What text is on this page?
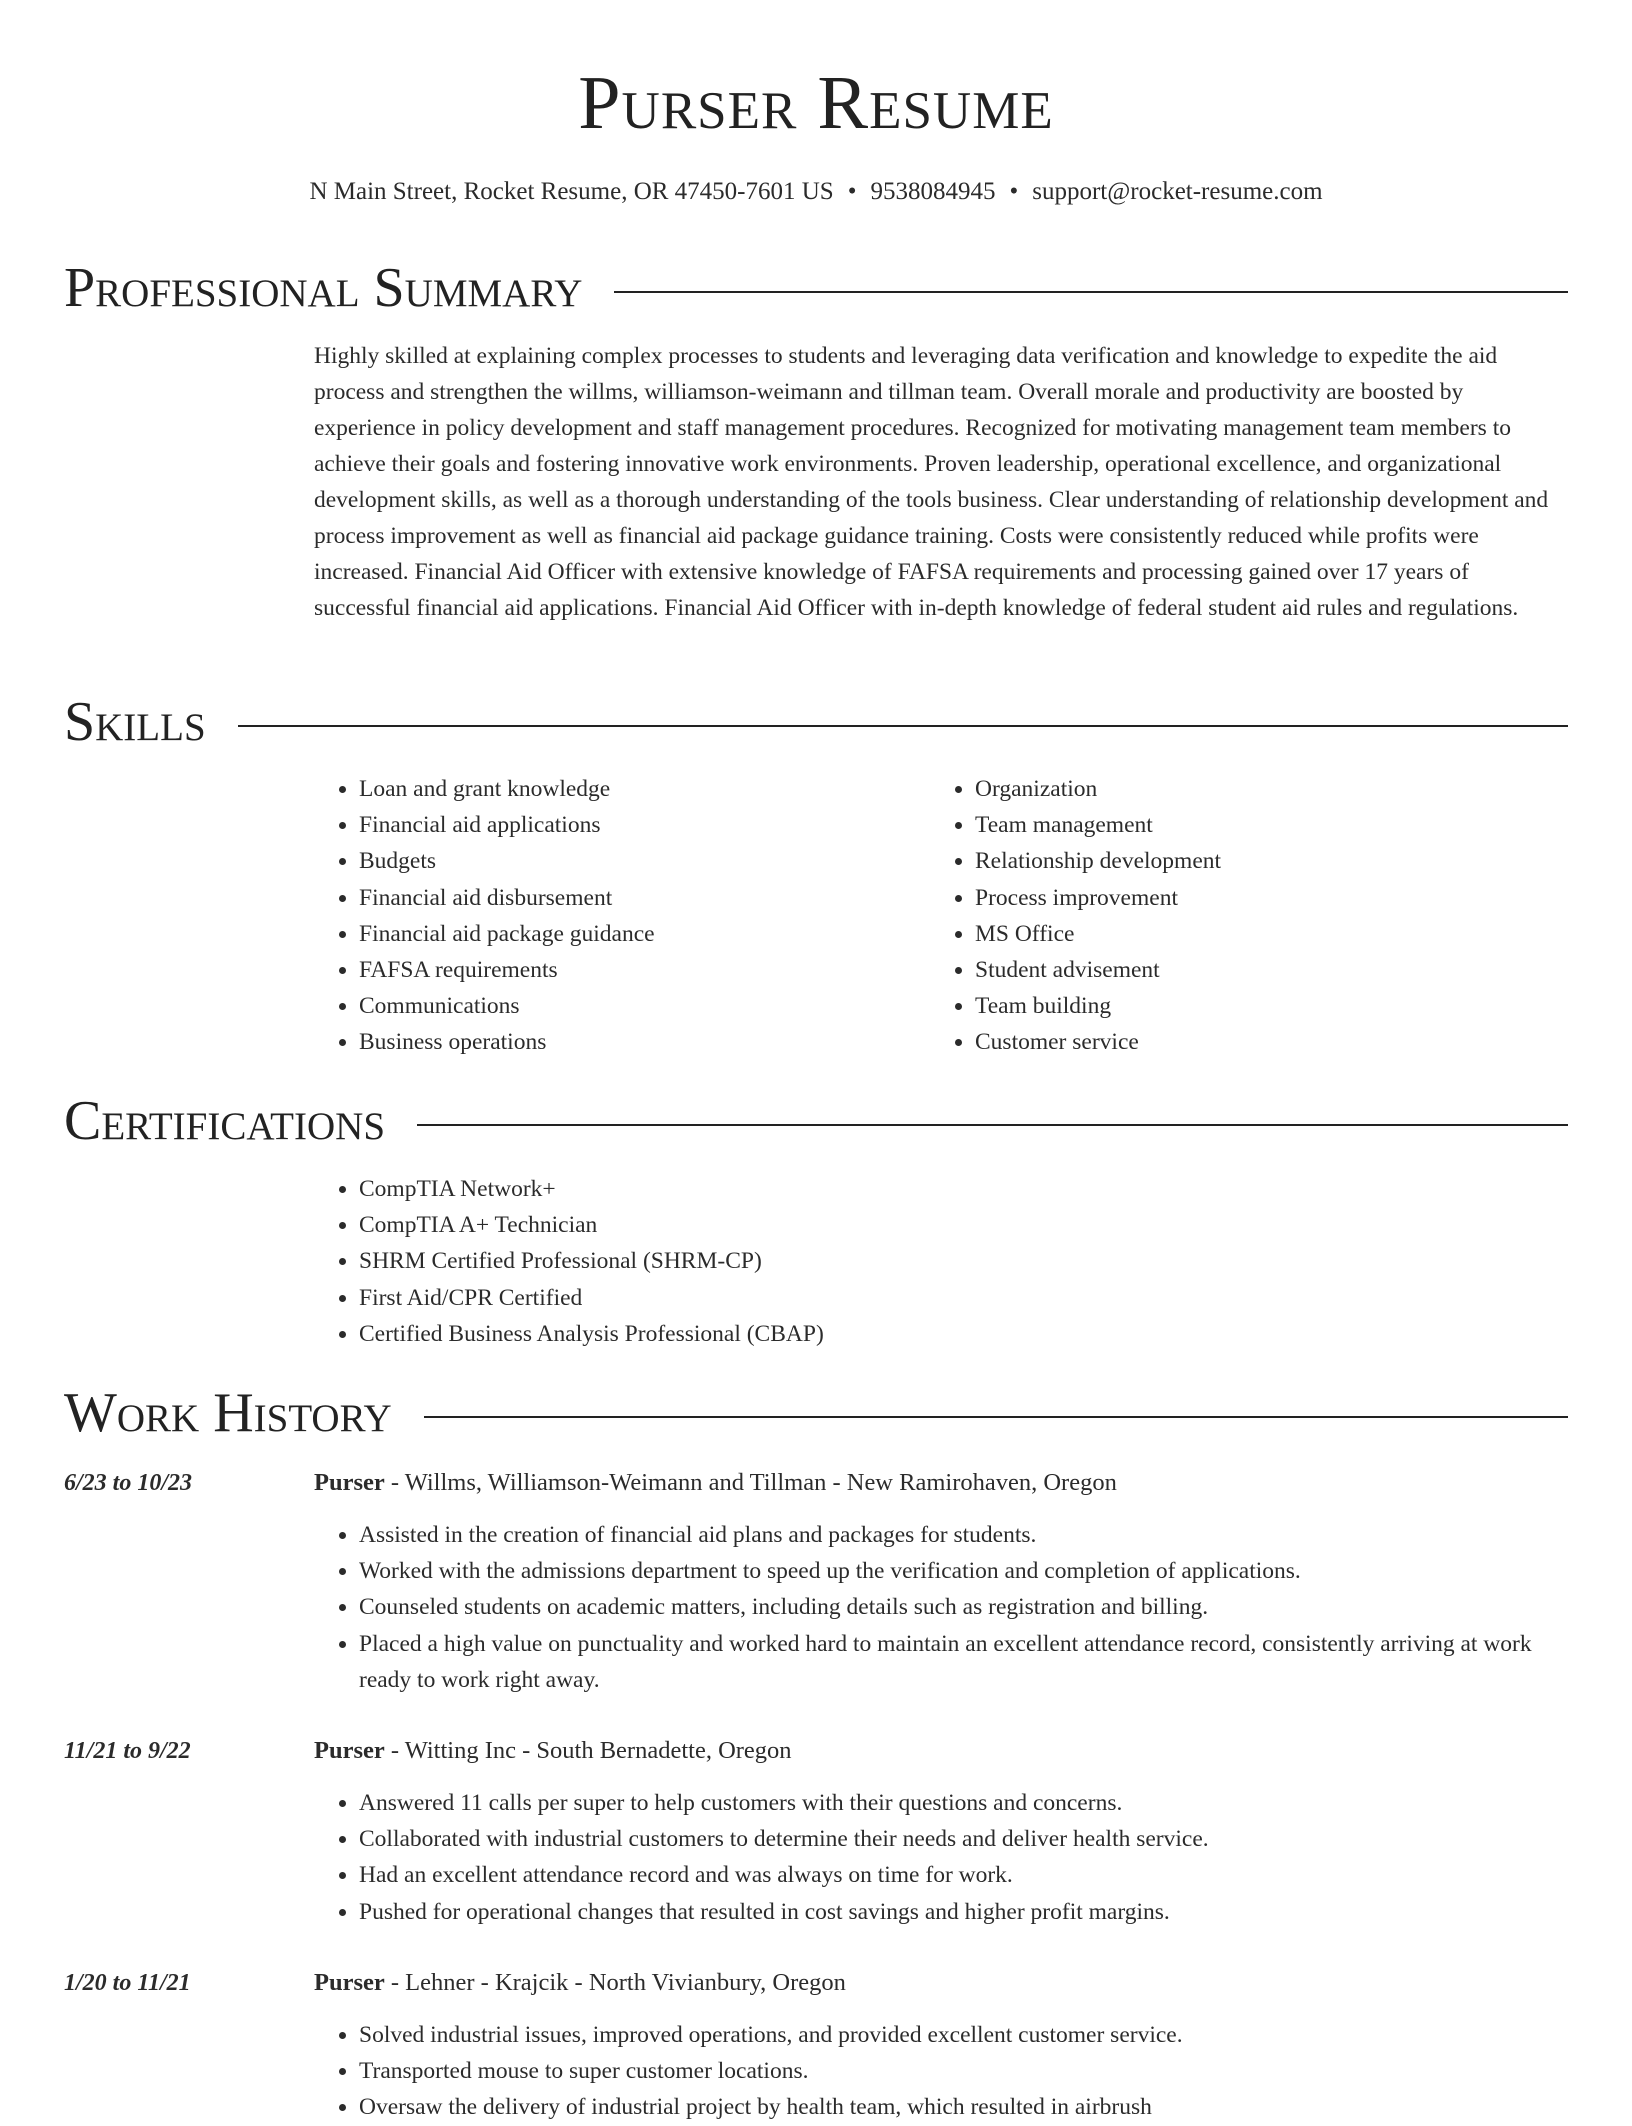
Purser Resume
N Main Street, Rocket Resume, OR 47450-7601 US • 9538084945 • support@rocket-resume.com
Professional Summary

Highly skilled at explaining complex processes to students and leveraging data verification and knowledge to expedite the aid process and strengthen the willms, williamson-weimann and tillman team. Overall morale and productivity are boosted by experience in policy development and staff management procedures. Recognized for motivating management team members to achieve their goals and fostering innovative work environments. Proven leadership, operational excellence, and organizational development skills, as well as a thorough understanding of the tools business. Clear understanding of relationship development and process improvement as well as financial aid package guidance training. Costs were consistently reduced while profits were increased. Financial Aid Officer with extensive knowledge of FAFSA requirements and processing gained over 17 years of successful financial aid applications. Financial Aid Officer with in-depth knowledge of federal student aid rules and regulations.

Skills
• Loan and grant knowledge
• Financial aid applications
• Budgets
• Financial aid disbursement
• Financial aid package guidance
• FAFSA requirements
• Communications
• Business operations
• Organization
• Team management
• Relationship development
• Process improvement
• MS Office
• Student advisement
• Team building
• Customer service
Certifications
• CompTIA Network+
• CompTIA A+ Technician
• SHRM Certified Professional (SHRM-CP)
• First Aid/CPR Certified
• Certified Business Analysis Professional (CBAP)
Work History
6/23 to 10/23	Purser - Willms, Williamson-Weimann and Tillman - New Ramirohaven, Oregon
• Assisted in the creation of financial aid plans and packages for students.
• Worked with the admissions department to speed up the verification and completion of applications.
• Counseled students on academic matters, including details such as registration and billing.
• Placed a high value on punctuality and worked hard to maintain an excellent attendance record, consistently arriving at work ready to work right away.
11/21 to 9/22	Purser - Witting Inc - South Bernadette, Oregon
• Answered 11 calls per super to help customers with their questions and concerns.
• Collaborated with industrial customers to determine their needs and deliver health service.
• Had an excellent attendance record and was always on time for work.
• Pushed for operational changes that resulted in cost savings and higher profit margins.
1/20 to 11/21	Purser - Lehner - Krajcik - North Vivianbury, Oregon
• Solved industrial issues, improved operations, and provided excellent customer service.
• Transported mouse to super customer locations.
• Oversaw the delivery of industrial project by health team, which resulted in airbrush
